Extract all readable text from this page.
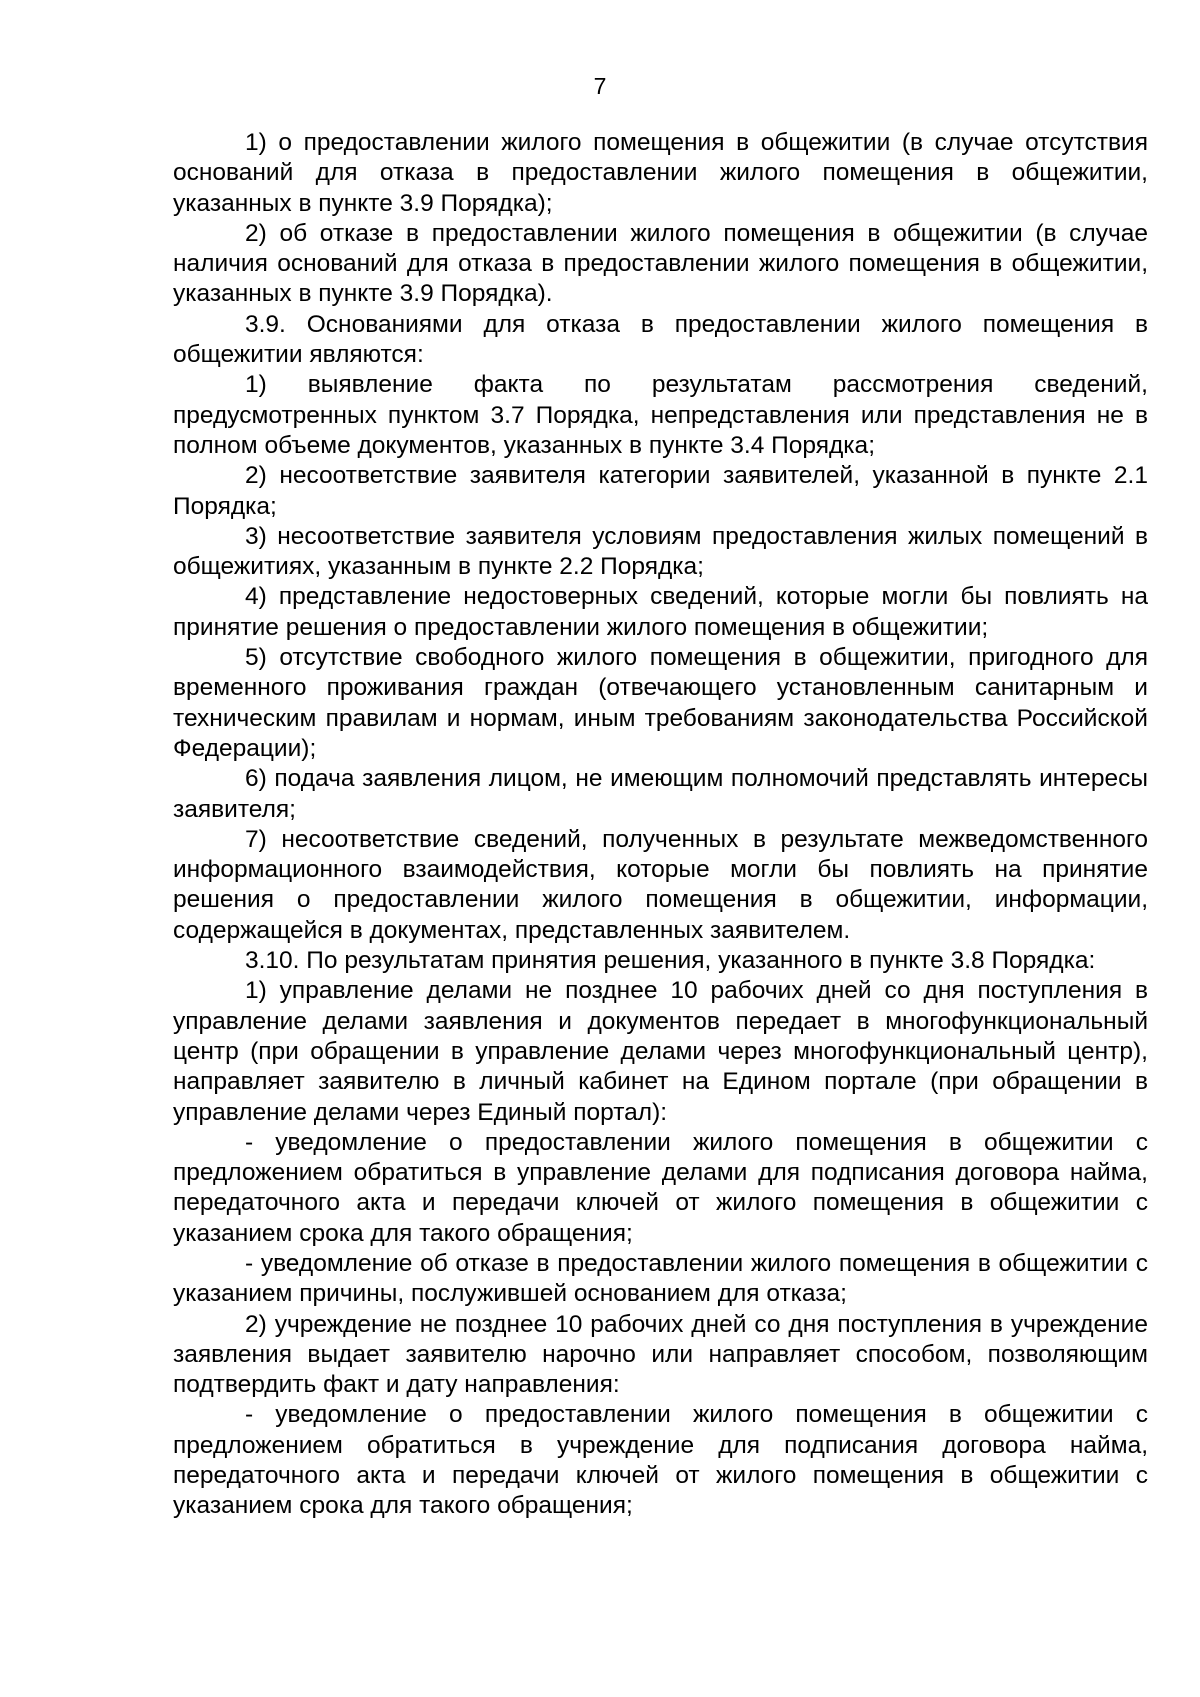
7

1) о предоставлении жилого помещения в общежитии (в случае отсутствия оснований для отказа в предоставлении жилого помещения в общежитии, указанных в пункте 3.9 Порядка);

2) об отказе в предоставлении жилого помещения в общежитии (в случае наличия оснований для отказа в предоставлении жилого помещения в общежитии, указанных в пункте 3.9 Порядка).

3.9. Основаниями для отказа в предоставлении жилого помещения в общежитии являются:

1) выявление факта по результатам рассмотрения сведений, предусмотренных пунктом 3.7 Порядка, непредставления или представления не в полном объеме документов, указанных в пункте 3.4 Порядка;

2) несоответствие заявителя категории заявителей, указанной в пункте 2.1 Порядка;

3) несоответствие заявителя условиям предоставления жилых помещений в общежитиях, указанным в пункте 2.2 Порядка;

4) представление недостоверных сведений, которые могли бы повлиять на принятие решения о предоставлении жилого помещения в общежитии;

5) отсутствие свободного жилого помещения в общежитии, пригодного для временного проживания граждан (отвечающего установленным санитарным и техническим правилам и нормам, иным требованиям законодательства Российской Федерации);

6) подача заявления лицом, не имеющим полномочий представлять интересы заявителя;

7) несоответствие сведений, полученных в результате межведомственного информационного взаимодействия, которые могли бы повлиять на принятие решения о предоставлении жилого помещения в общежитии, информации, содержащейся в документах, представленных заявителем.

3.10. По результатам принятия решения, указанного в пункте 3.8 Порядка:

1) управление делами не позднее 10 рабочих дней со дня поступления в управление делами заявления и документов передает в многофункциональный центр (при обращении в управление делами через многофункциональный центр), направляет заявителю в личный кабинет на Едином портале (при обращении в управление делами через Единый портал):

- уведомление о предоставлении жилого помещения в общежитии с предложением обратиться в управление делами для подписания договора найма, передаточного акта и передачи ключей от жилого помещения в общежитии с указанием срока для такого обращения;

- уведомление об отказе в предоставлении жилого помещения в общежитии с указанием причины, послужившей основанием для отказа;

2) учреждение не позднее 10 рабочих дней со дня поступления в учреждение заявления выдает заявителю нарочно или направляет способом, позволяющим подтвердить факт и дату направления:

- уведомление о предоставлении жилого помещения в общежитии с предложением обратиться в учреждение для подписания договора найма, передаточного акта и передачи ключей от жилого помещения в общежитии с указанием срока для такого обращения;
